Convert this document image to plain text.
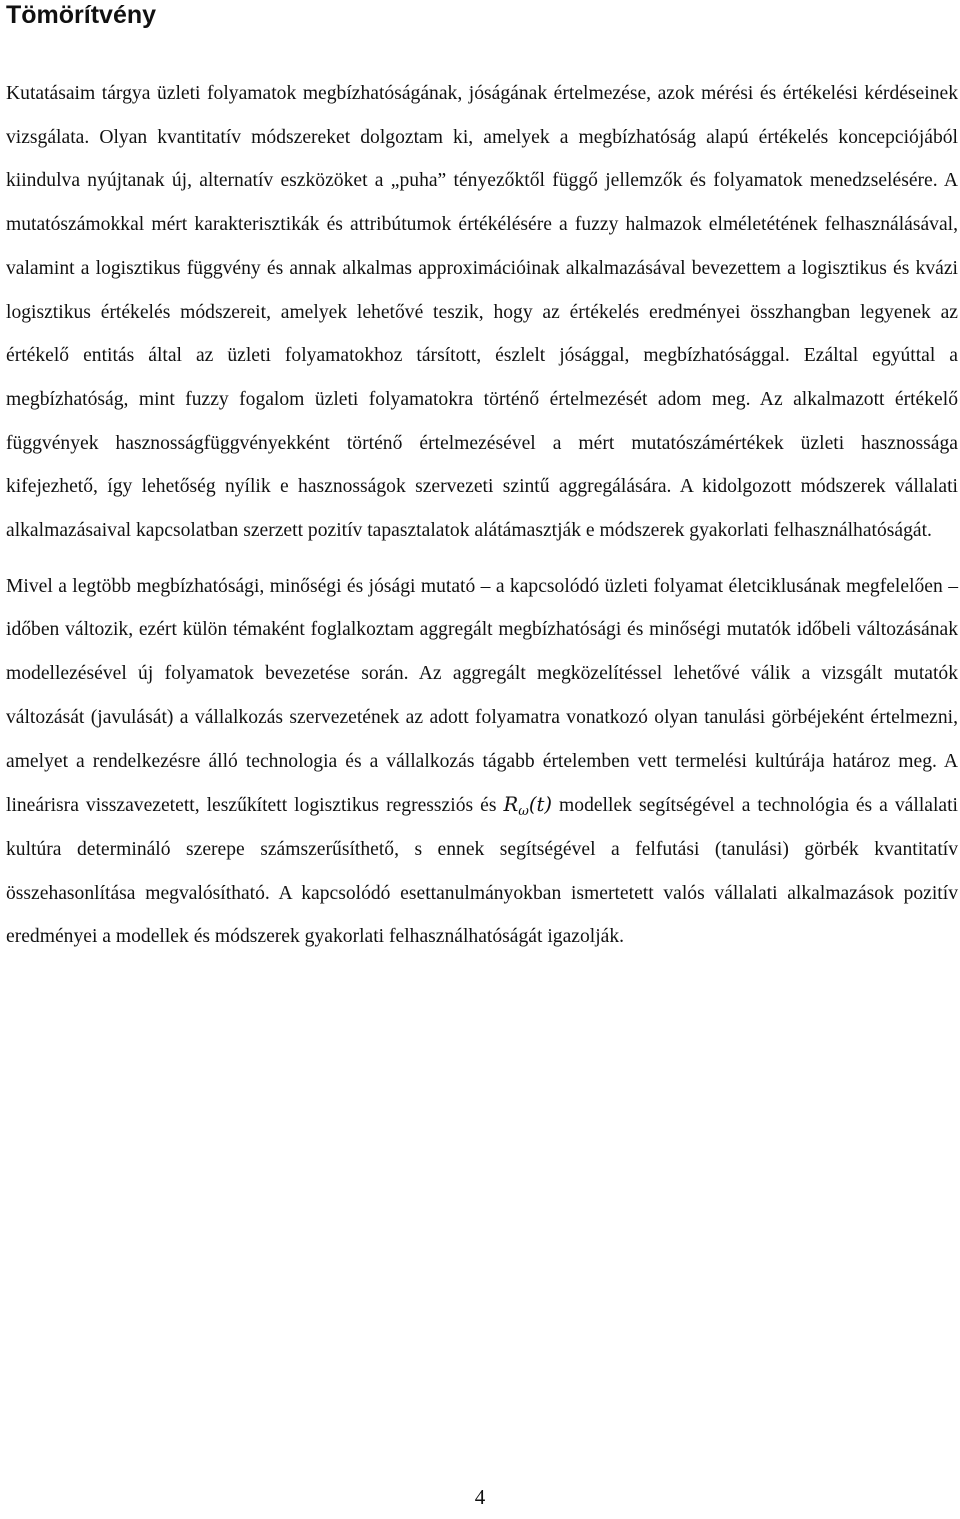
Tömörítvény

Kutatásaim tárgya üzleti folyamatok megbízhatóságának, jóságának értelmezése, azok mérési és értékelési kérdéseinek vizsgálata. Olyan kvantitatív módszereket dolgoztam ki, amelyek a megbízhatóság alapú értékelés koncepciójából kiindulva nyújtanak új, alternatív eszközöket a „puha” tényezőktől függő jellemzők és folyamatok menedzselésére. A mutatószámokkal mért karakterisztikák és attribútumok értékélésére a fuzzy halmazok elméletétének felhasználásával, valamint a logisztikus függvény és annak alkalmas approximációinak alkalmazásával bevezettem a logisztikus és kvázi logisztikus értékelés módszereit, amelyek lehetővé teszik, hogy az értékelés eredményei összhangban legyenek az értékelő entitás által az üzleti folyamatokhoz társított, észlelt jósággal, megbízhatósággal. Ezáltal egyúttal a megbízhatóság, mint fuzzy fogalom üzleti folyamatokra történő értelmezését adom meg. Az alkalmazott értékelő függvények hasznosságfüggvényekként történő értelmezésével a mért mutatószámértékek üzleti hasznossága kifejezhető, így lehetőség nyílik e hasznosságok szervezeti szintű aggregálására. A kidolgozott módszerek vállalati alkalmazásaival kapcsolatban szerzett pozitív tapasztalatok alátámasztják e módszerek gyakorlati felhasználhatóságát.

Mivel a legtöbb megbízhatósági, minőségi és jósági mutató – a kapcsolódó üzleti folyamat életciklusának megfelelően – időben változik, ezért külön témaként foglalkoztam aggregált megbízhatósági és minőségi mutatók időbeli változásának modellezésével új folyamatok bevezetése során. Az aggregált megközelítéssel lehetővé válik a vizsgált mutatók változását (javulását) a vállalkozás szervezetének az adott folyamatra vonatkozó olyan tanulási görbéjeként értelmezni, amelyet a rendelkezésre álló technologia és a vállalkozás tágabb értelemben vett termelési kultúrája határoz meg. A lineárisra visszavezetett, leszűkített logisztikus regressziós és $R_\omega(t)$ modellek segítségével a technológia és a vállalati kultúra determináló szerepe számszerűsíthető, s ennek segítségével a felfutási (tanulási) görbék kvantitatív összehasonlítása megvalósítható. A kapcsolódó esettanulmányokban ismertetett valós vállalati alkalmazások pozitív eredményei a modellek és módszerek gyakorlati felhasználhatóságát igazolják.

4
